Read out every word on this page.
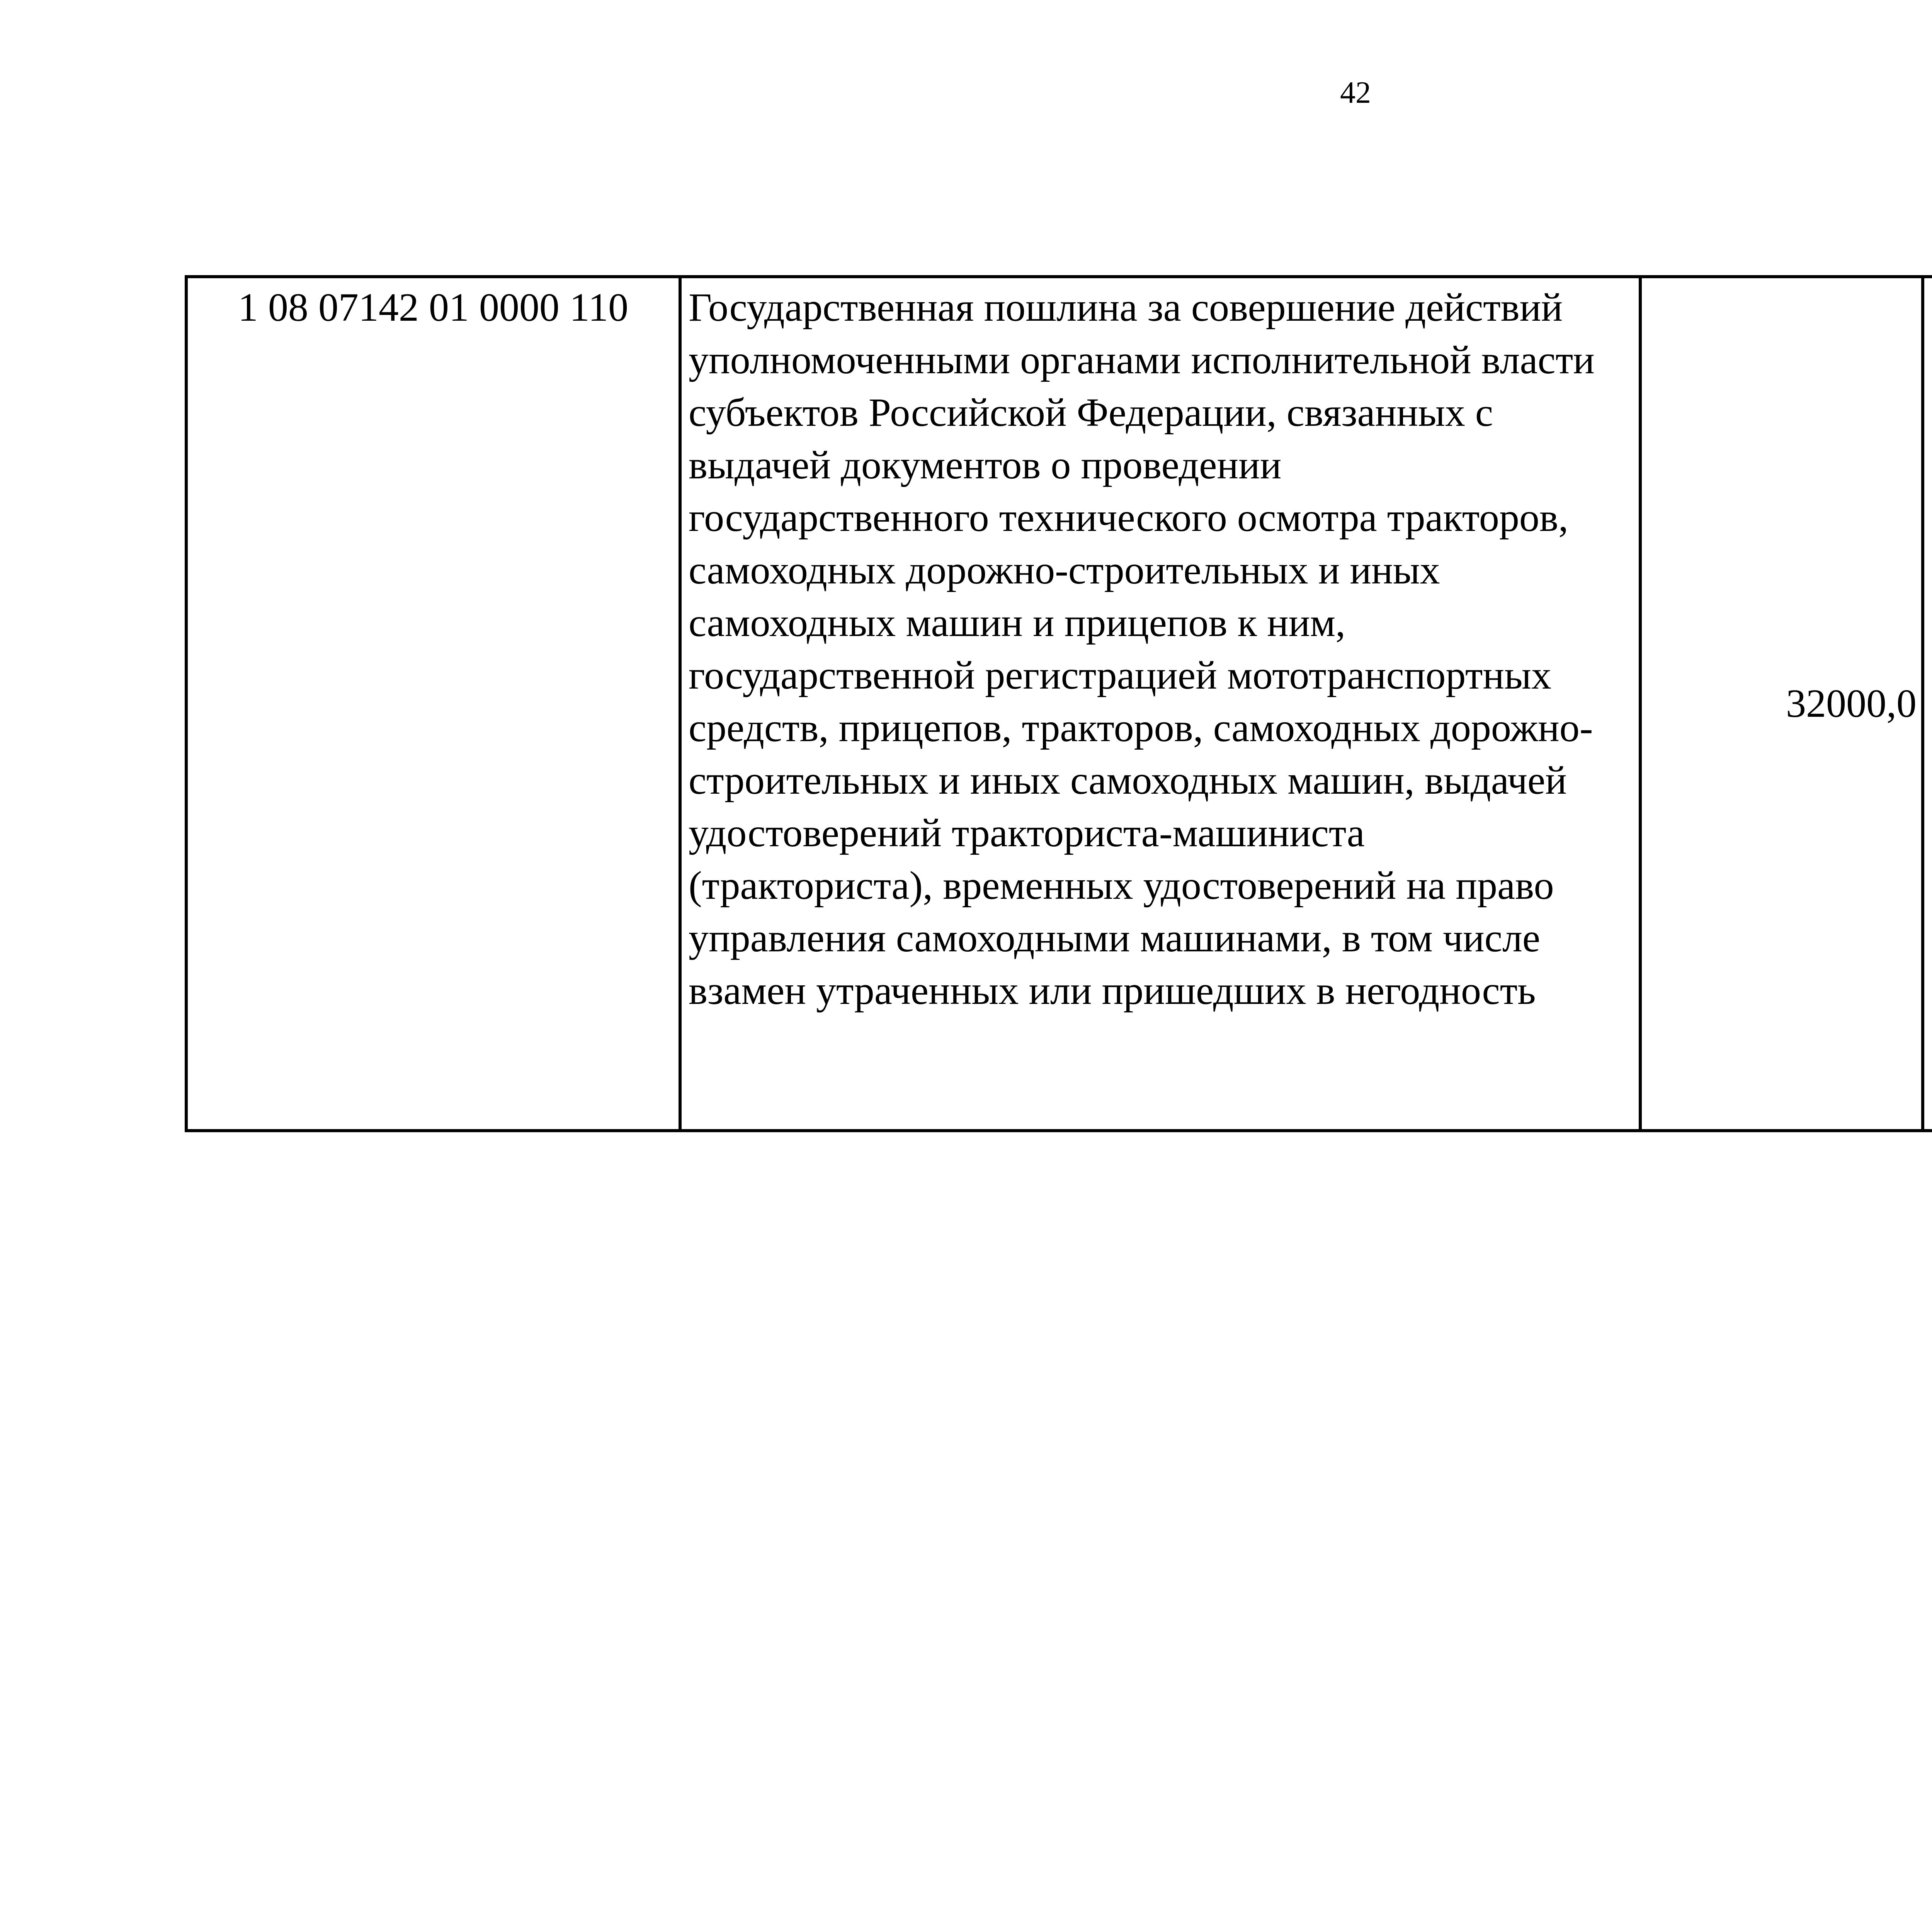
42
1 08 07142 01 0000 110	Государственная пошлина за совершение действий
уполномоченными органами исполнительной власти
субъектов Российской Федерации, связанных с
выдачей документов о проведении
государственного технического осмотра тракторов,
самоходных дорожно-строительных и иных
самоходных машин и прицепов к ним,
государственной регистрацией мототранспортных
средств, прицепов, тракторов, самоходных дорожно-
строительных и иных самоходных машин, выдачей
удостоверений тракториста-машиниста
(тракториста), временных удостоверений на право
управления самоходными машинами, в том числе
взамен утраченных или пришедших в негодность
	32000,0		
